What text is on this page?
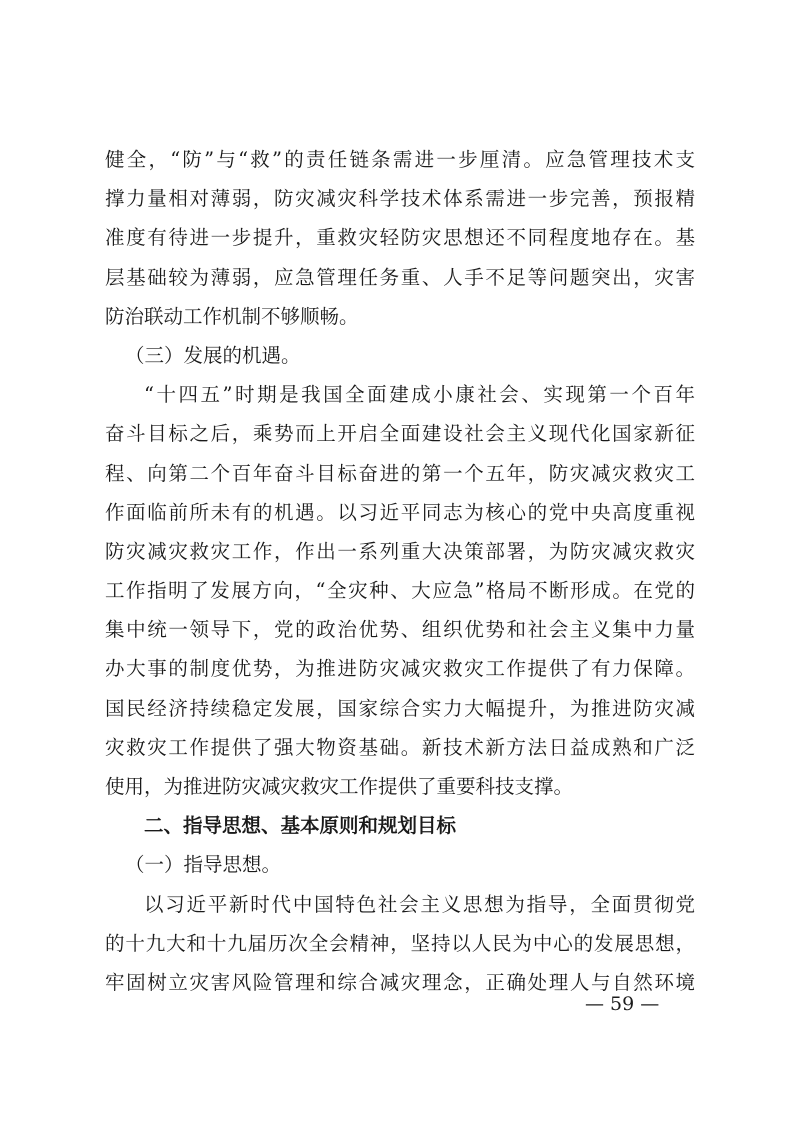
健全，“防”与“救”的责任链条需进一步厘清。应急管理技术支
撑力量相对薄弱，防灾减灾科学技术体系需进一步完善，预报精
准度有待进一步提升，重救灾轻防灾思想还不同程度地存在。基
层基础较为薄弱，应急管理任务重、人手不足等问题突出，灾害
防治联动工作机制不够顺畅。
（三）发展的机遇。
“十四五”时期是我国全面建成小康社会、实现第一个百年
奋斗目标之后，乘势而上开启全面建设社会主义现代化国家新征
程、向第二个百年奋斗目标奋进的第一个五年，防灾减灾救灾工
作面临前所未有的机遇。以习近平同志为核心的党中央高度重视
防灾减灾救灾工作，作出一系列重大决策部署，为防灾减灾救灾
工作指明了发展方向，“全灾种、大应急”格局不断形成。在党的
集中统一领导下，党的政治优势、组织优势和社会主义集中力量
办大事的制度优势，为推进防灾减灾救灾工作提供了有力保障。
国民经济持续稳定发展，国家综合实力大幅提升，为推进防灾减
灾救灾工作提供了强大物资基础。新技术新方法日益成熟和广泛
使用，为推进防灾减灾救灾工作提供了重要科技支撑。
二、指导思想、基本原则和规划目标
（一）指导思想。
以习近平新时代中国特色社会主义思想为指导，全面贯彻党
的十九大和十九届历次全会精神，坚持以人民为中心的发展思想，
牢固树立灾害风险管理和综合减灾理念，正确处理人与自然环境
— 59 —
